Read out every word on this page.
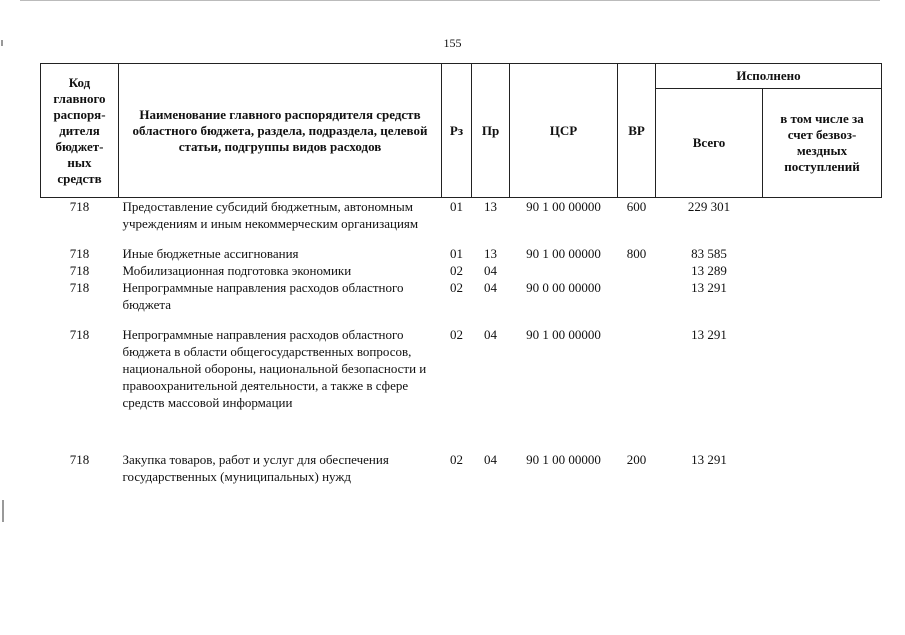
155
Код главного распоря-дителя бюджет-ных средств	Наименование главного распорядителя средств областного бюджета, раздела, подраздела, целевой статьи, подгруппы видов расходов	Рз	Пр	ЦСР	ВР	Исполнено	
						Всего	в том числе за счет безвоз-мездных поступлений
718	Предоставление субсидий бюджетным, автономным учреждениям и иным некоммерческим организациям	01	13	90 1 00 00000	600	229 301	
718	Иные бюджетные ассигнования	01	13	90 1 00 00000	800	83 585	
718	Мобилизационная подготовка экономики	02	04			13 289	
718	Непрограммные направления расходов областного бюджета	02	04	90 0 00 00000		13 291	
718	Непрограммные направления расходов областного бюджета в области общегосударственных вопросов, национальной обороны, национальной безопасности и правоохранительной деятельности, а также в сфере средств массовой информации	02	04	90 1 00 00000		13 291	
718	Закупка товаров, работ и услуг для обеспечения государственных (муниципальных) нужд	02	04	90 1 00 00000	200	13 291	
